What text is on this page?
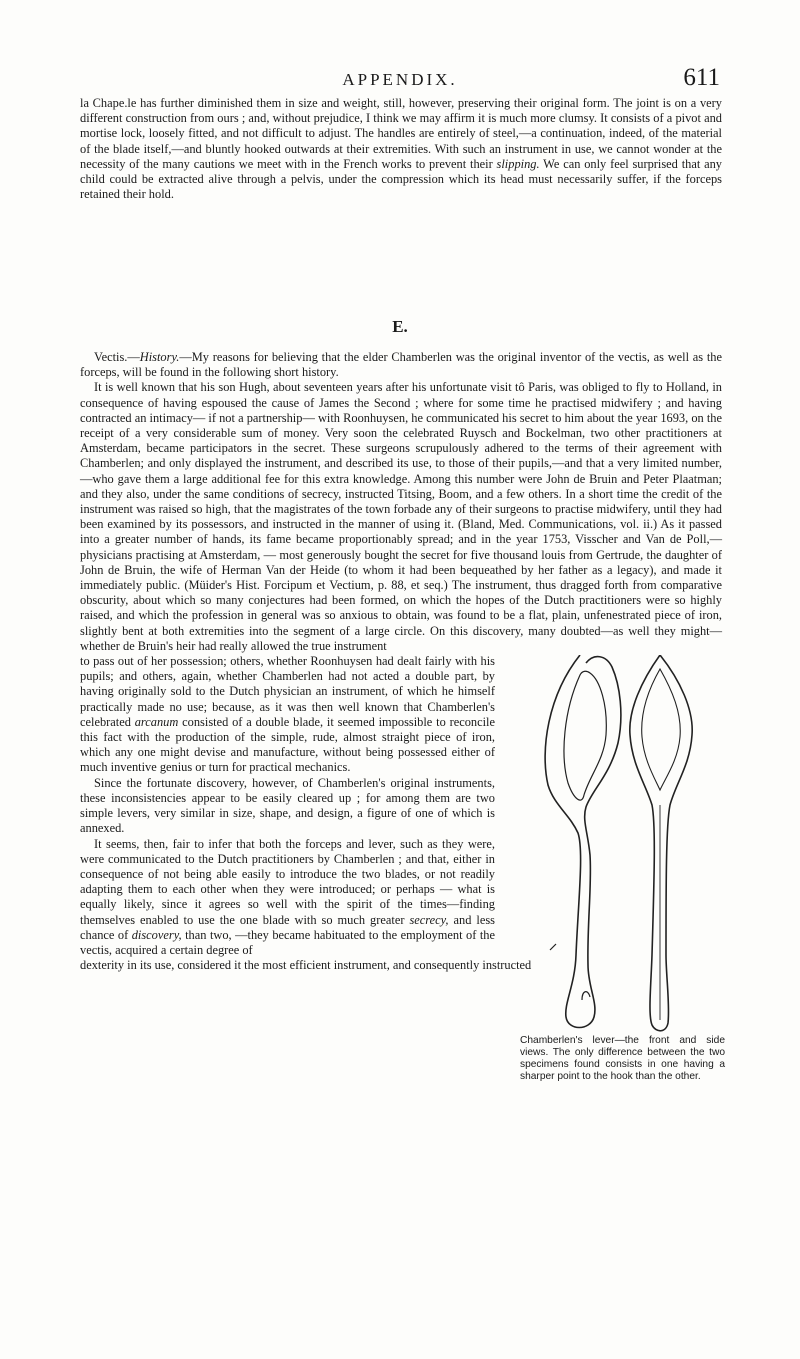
APPENDIX.	611

la Chape.le has further diminished them in size and weight, still, however, preserving their original form. The joint is on a very different construction from ours ; and, without prejudice, I think we may affirm it is much more clumsy. It consists of a pivot and mortise lock, loosely fitted, and not difficult to adjust. The handles are entirely of steel,—a continuation, indeed, of the material of the blade itself,—and bluntly hooked outwards at their extremities. With such an instrument in use, we cannot wonder at the necessity of the many cautions we meet with in the French works to prevent their slipping. We can only feel surprised that any child could be extracted alive through a pelvis, under the compression which its head must necessarily suffer, if the forceps retained their hold.

E.

Vectis.—History.—My reasons for believing that the elder Chamberlen was the original inventor of the vectis, as well as the forceps, will be found in the following short history.

It is well known that his son Hugh, about seventeen years after his unfortunate visit tô Paris, was obliged to fly to Holland, in consequence of having espoused the cause of James the Second ; where for some time he practised midwifery ; and having contracted an intimacy— if not a partnership— with Roonhuysen, he communicated his secret to him about the year 1693, on the receipt of a very considerable sum of money. Very soon the celebrated Ruysch and Bockelman, two other practitioners at Amsterdam, became participators in the secret. These surgeons scrupulously adhered to the terms of their agreement with Chamberlen; and only displayed the instrument, and described its use, to those of their pupils,—and that a very limited number,—who gave them a large additional fee for this extra knowledge. Among this number were John de Bruin and Peter Plaatman; and they also, under the same conditions of secrecy, instructed Titsing, Boom, and a few others. In a short time the credit of the instrument was raised so high, that the magistrates of the town forbade any of their surgeons to practise midwifery, until they had been examined by its possessors, and instructed in the manner of using it. (Bland, Med. Communications, vol. ii.) As it passed into a greater number of hands, its fame became proportionably spread; and in the year 1753, Visscher and Van de Poll,—physicians practising at Amsterdam, — most generously bought the secret for five thousand louis from Gertrude, the daughter of John de Bruin, the wife of Herman Van der Heide (to whom it had been bequeathed by her father as a legacy), and made it immediately public. (Müider's Hist. Forcipum et Vectium, p. 88, et seq.) The instrument, thus dragged forth from comparative obscurity, about which so many conjectures had been formed, on which the hopes of the Dutch practitioners were so highly raised, and which the profession in general was so anxious to obtain, was found to be a flat, plain, unfenestrated piece of iron, slightly bent at both extremities into the segment of a large circle. On this discovery, many doubted—as well they might—whether de Bruin's heir had really allowed the true instrument

to pass out of her possession; others, whether Roonhuysen had dealt fairly with his pupils; and others, again, whether Chamberlen had not acted a double part, by having originally sold to the Dutch physician an instrument, of which he himself practically made no use; because, as it was then well known that Chamberlen's celebrated arcanum consisted of a double blade, it seemed impossible to reconcile this fact with the production of the simple, rude, almost straight piece of iron, which any one might devise and manufacture, without being possessed either of much inventive genius or turn for practical mechanics.

Since the fortunate discovery, however, of Chamberlen's original instruments, these inconsistencies appear to be easily cleared up ; for among them are two simple levers, very similar in size, shape, and design, a figure of one of which is annexed.

It seems, then, fair to infer that both the forceps and lever, such as they were, were communicated to the Dutch practitioners by Chamberlen ; and that, either in consequence of not being able easily to introduce the two blades, or not readily adapting them to each other when they were introduced; or perhaps — what is equally likely, since it agrees so well with the spirit of the times—finding themselves enabled to use the one blade with so much greater secrecy, and less chance of discovery, than two, —they became habituated to the employment of the vectis, acquired a certain degree of

dexterity in its use, considered it the most efficient instrument, and consequently instructed

Chamberlen's lever—the front and side views. The only difference between the two specimens found consists in one having a sharper point to the hook than the other.
